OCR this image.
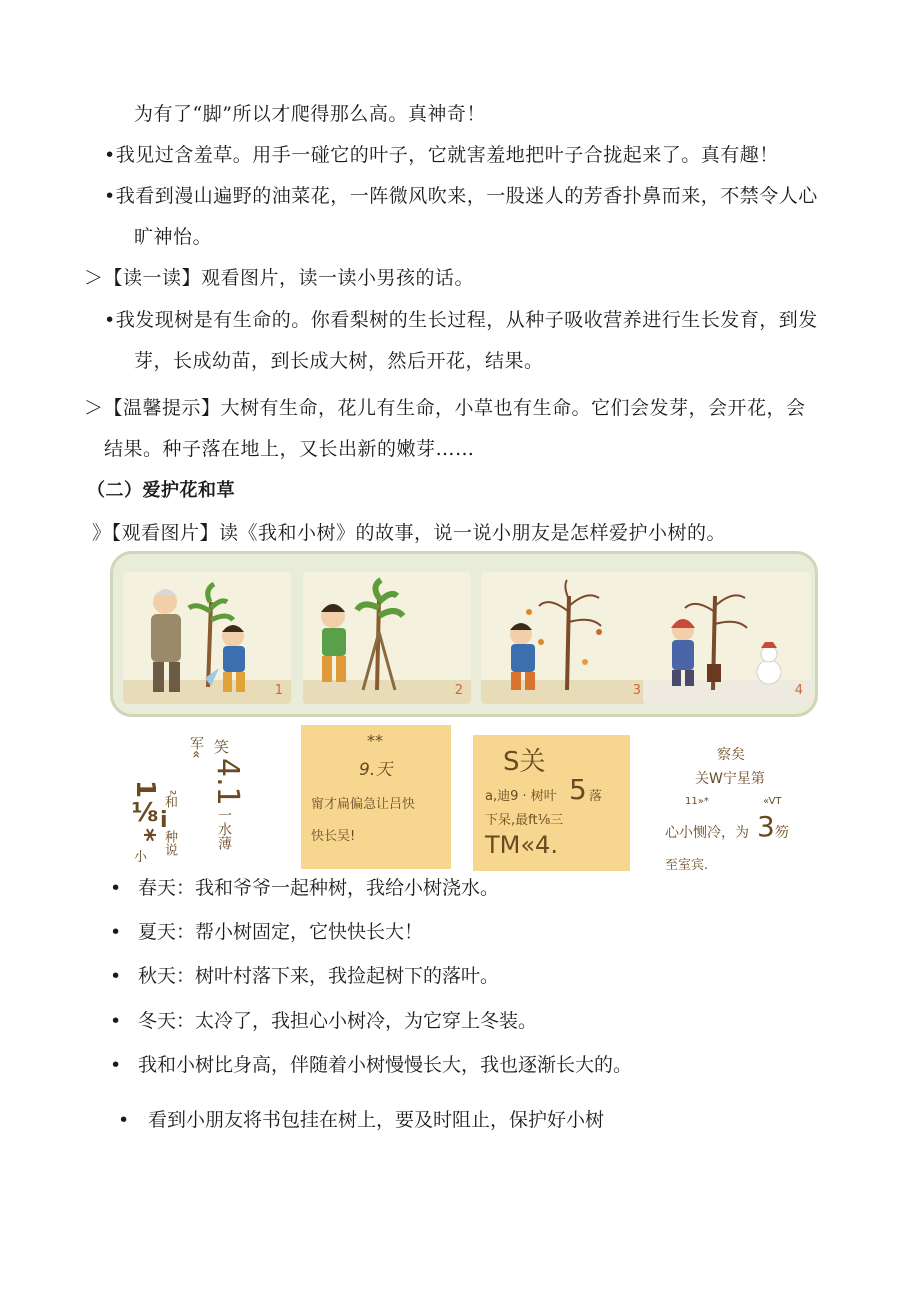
为有了“脚”所以才爬得那么高。真神奇！
•我见过含羞草。用手一碰它的叶子，它就害羞地把叶子合拢起来了。真有趣！
•我看到漫山遍野的油菜花，一阵微风吹来，一股迷人的芳香扑鼻而来，不禁令人心
旷神怡。
＞【读一读】观看图片，读一读小男孩的话。
•我发现树是有生命的。你看梨树的生长过程，从种子吸收营养进行生长发育，到发
芽，长成幼苗，到长成大树，然后开花，结果。
＞【温馨提示】大树有生命，花儿有生命，小草也有生命。它们会发芽，会开花，会
结果。种子落在地上，又长出新的嫩芽……
（二）爱护花和草
》【观看图片】读《我和小树》的故事，说一说小朋友是怎样爱护小树的。
1	2	3	4
军« 笑
4.1
一水薄
1⅛* ²和
i
种说
小
**
9.天
甯才扁偏急让吕快
快长吴!
S关
a,迪9 · 树叶 5 落
下呆,最ft⅛三
TM«4.
察矣
关W宁星第
11»*	«VT
心小恻冷，为 3 笏
至室宾.
• 春天：我和爷爷一起种树，我给小树浇水。
• 夏天：帮小树固定，它快快长大！
• 秋天：树叶村落下来，我捡起树下的落叶。
• 冬天：太冷了，我担心小树冷，为它穿上冬装。
• 我和小树比身高，伴随着小树慢慢长大，我也逐渐长大的。
• 看到小朋友将书包挂在树上，要及时阻止，保护好小树
